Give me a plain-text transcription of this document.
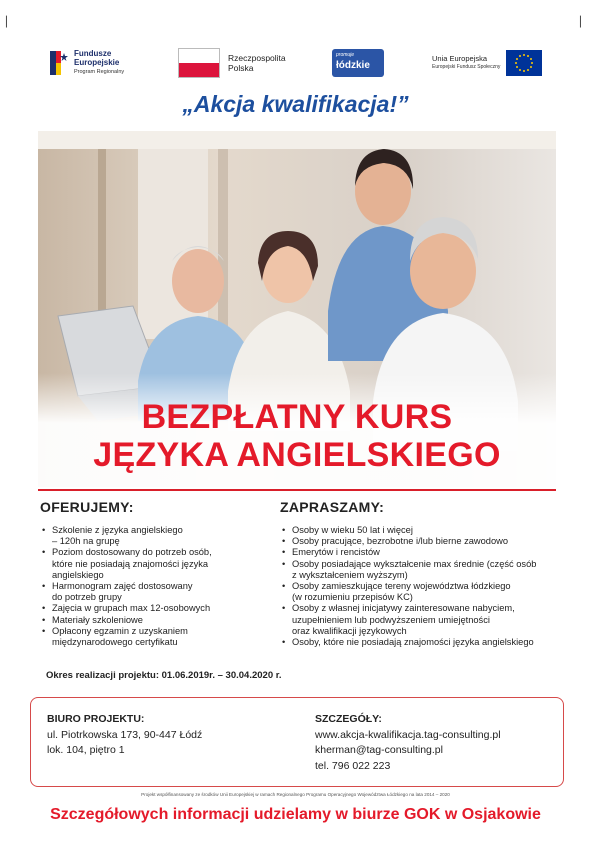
▏	▏
Fundusze
Europejskie
Program Regionalny
Rzeczpospolita
Polska
promuje
łódzkie
Unia Europejska
Europejski Fundusz Społeczny
„Akcja kwalifikacja!”
BEZPŁATNY KURS
JĘZYKA ANGIELSKIEGO
OFERUJEMY:
• Szkolenie z języka angielskiego
– 120h na grupę
• Poziom dostosowany do potrzeb osób,
które nie posiadają znajomości języka
angielskiego
• Harmonogram zajęć dostosowany
do potrzeb grupy
• Zajęcia w grupach max 12-osobowych
• Materiały szkoleniowe
• Opłacony egzamin z uzyskaniem
międzynarodowego certyfikatu
ZAPRASZAMY:
• Osoby w wieku 50 lat i więcej
• Osoby pracujące, bezrobotne i/lub bierne zawodowo
• Emerytów i rencistów
• Osoby posiadające wykształcenie max średnie (część osób
z wykształceniem wyższym)
• Osoby zamieszkujące tereny województwa łódzkiego
(w rozumieniu przepisów KC)
• Osoby z własnej inicjatywy zainteresowane nabyciem,
uzupełnieniem lub podwyższeniem umiejętności
oraz kwalifikacji językowych
• Osoby, które nie posiadają znajomości języka angielskiego
Okres realizacji projektu: 01.06.2019r. – 30.04.2020 r.
BIURO PROJEKTU:
ul. Piotrkowska 173, 90-447 Łódź
lok. 104, piętro 1
SZCZEGÓŁY:
www.akcja-kwalifikacja.tag-consulting.pl
kherman@tag-consulting.pl
tel. 796 022 223
Projekt współfinansowany ze środków Unii Europejskiej w ramach Regionalnego Programu Operacyjnego Województwa Łódzkiego na lata 2014 – 2020
Szczegółowych informacji udzielamy w biurze GOK w Osjakowie
